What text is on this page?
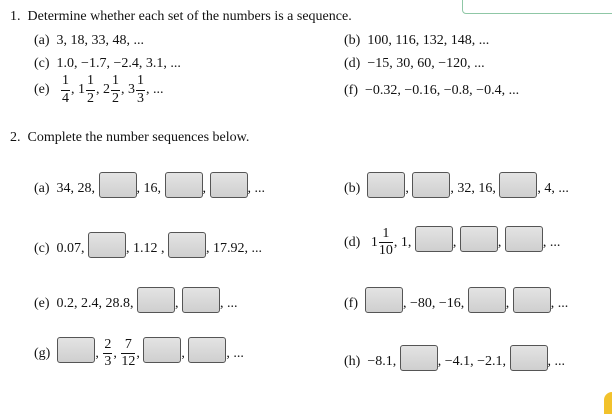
1. Determine whether each set of the numbers is a sequence.
(a) 3, 18, 33, 48, ...	(b) 100, 116, 132, 148, ...
(c) 1.0, −1.7, −2.4, 3.1, ...	(d) −15, 30, 60, −120, ...
$(e) \frac{1}{4}$ , $1 \frac{1}{2}$ , $2 \frac{1}{2}$ , $3 \frac{1}{3}$ , ...	(f) −0.32, −0.16, −0.8, −0.4, ...
2. Complete the number sequences below.
(a) 34, 28,	, 16,	,	, ...	(b)	,	, 32, 16,	, 4, ...
(c) 0.07,	, 1.12 ,	, 17.92, ...	(d) $1 \frac{1}{10}$ , 1,	,	,	, ...
(e) 0.2, 2.4, 28.8,	,	, ...	(f)	, −80, −16,	,	, ...
(g)	, $\frac{2}{3}$ , $\frac{7}{12}$ ,	,	, ...
(h) −8.1,	, −4.1, −2.1,	, ...
